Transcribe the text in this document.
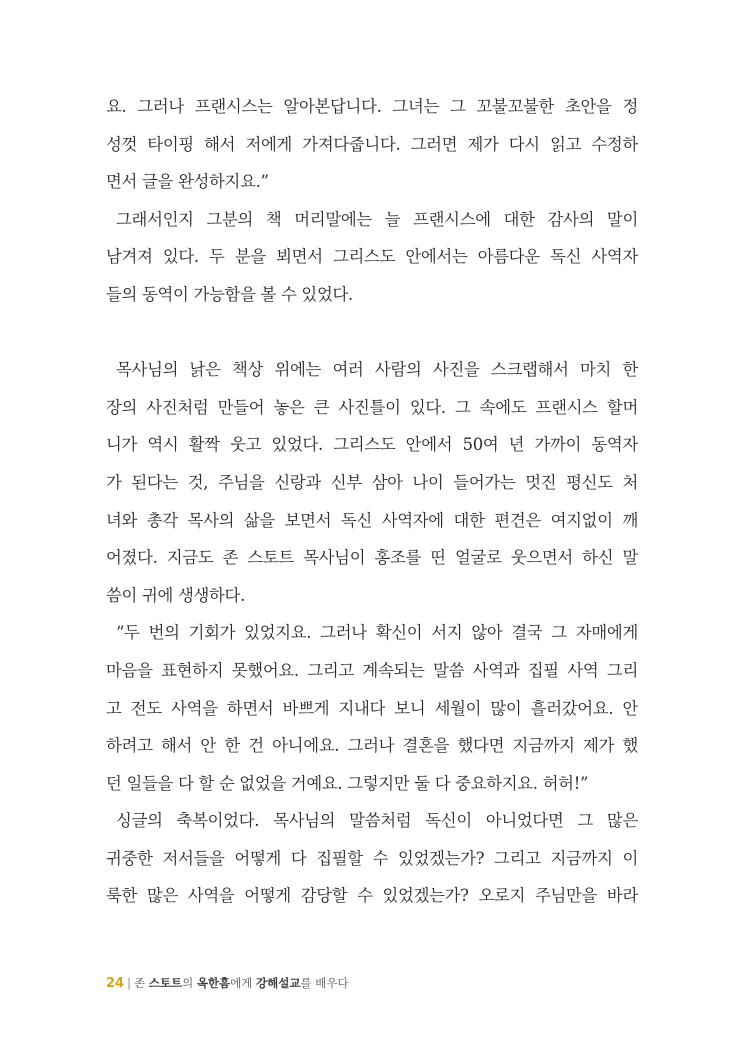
요. 그러나 프랜시스는 알아본답니다. 그녀는 그 꼬불꼬불한 초안을 정
성껏 타이핑 해서 저에게 가져다줍니다. 그러면 제가 다시 읽고 수정하
면서 글을 완성하지요.”
그래서인지 그분의 책 머리말에는 늘 프랜시스에 대한 감사의 말이
남겨져 있다. 두 분을 뵈면서 그리스도 안에서는 아름다운 독신 사역자
들의 동역이 가능함을 볼 수 있었다.
목사님의 낡은 책상 위에는 여러 사람의 사진을 스크랩해서 마치 한
장의 사진처럼 만들어 놓은 큰 사진틀이 있다. 그 속에도 프랜시스 할머
니가 역시 활짝 웃고 있었다. 그리스도 안에서 50여 년 가까이 동역자
가 된다는 것, 주님을 신랑과 신부 삼아 나이 들어가는 멋진 평신도 처
녀와 총각 목사의 삶을 보면서 독신 사역자에 대한 편견은 여지없이 깨
어졌다. 지금도 존 스토트 목사님이 홍조를 띤 얼굴로 웃으면서 하신 말
씀이 귀에 생생하다.
“두 번의 기회가 있었지요. 그러나 확신이 서지 않아 결국 그 자매에게
마음을 표현하지 못했어요. 그리고 계속되는 말씀 사역과 집필 사역 그리
고 전도 사역을 하면서 바쁘게 지내다 보니 세월이 많이 흘러갔어요. 안
하려고 해서 안 한 건 아니에요. 그러나 결혼을 했다면 지금까지 제가 했
던 일들을 다 할 순 없었을 거예요. 그렇지만 둘 다 중요하지요. 허허!”
싱글의 축복이었다. 목사님의 말씀처럼 독신이 아니었다면 그 많은
귀중한 저서들을 어떻게 다 집필할 수 있었겠는가? 그리고 지금까지 이
룩한 많은 사역을 어떻게 감당할 수 있었겠는가? 오로지 주님만을 바라
24 | 존 스토트의 옥한흠에게 강해설교를 배우다
